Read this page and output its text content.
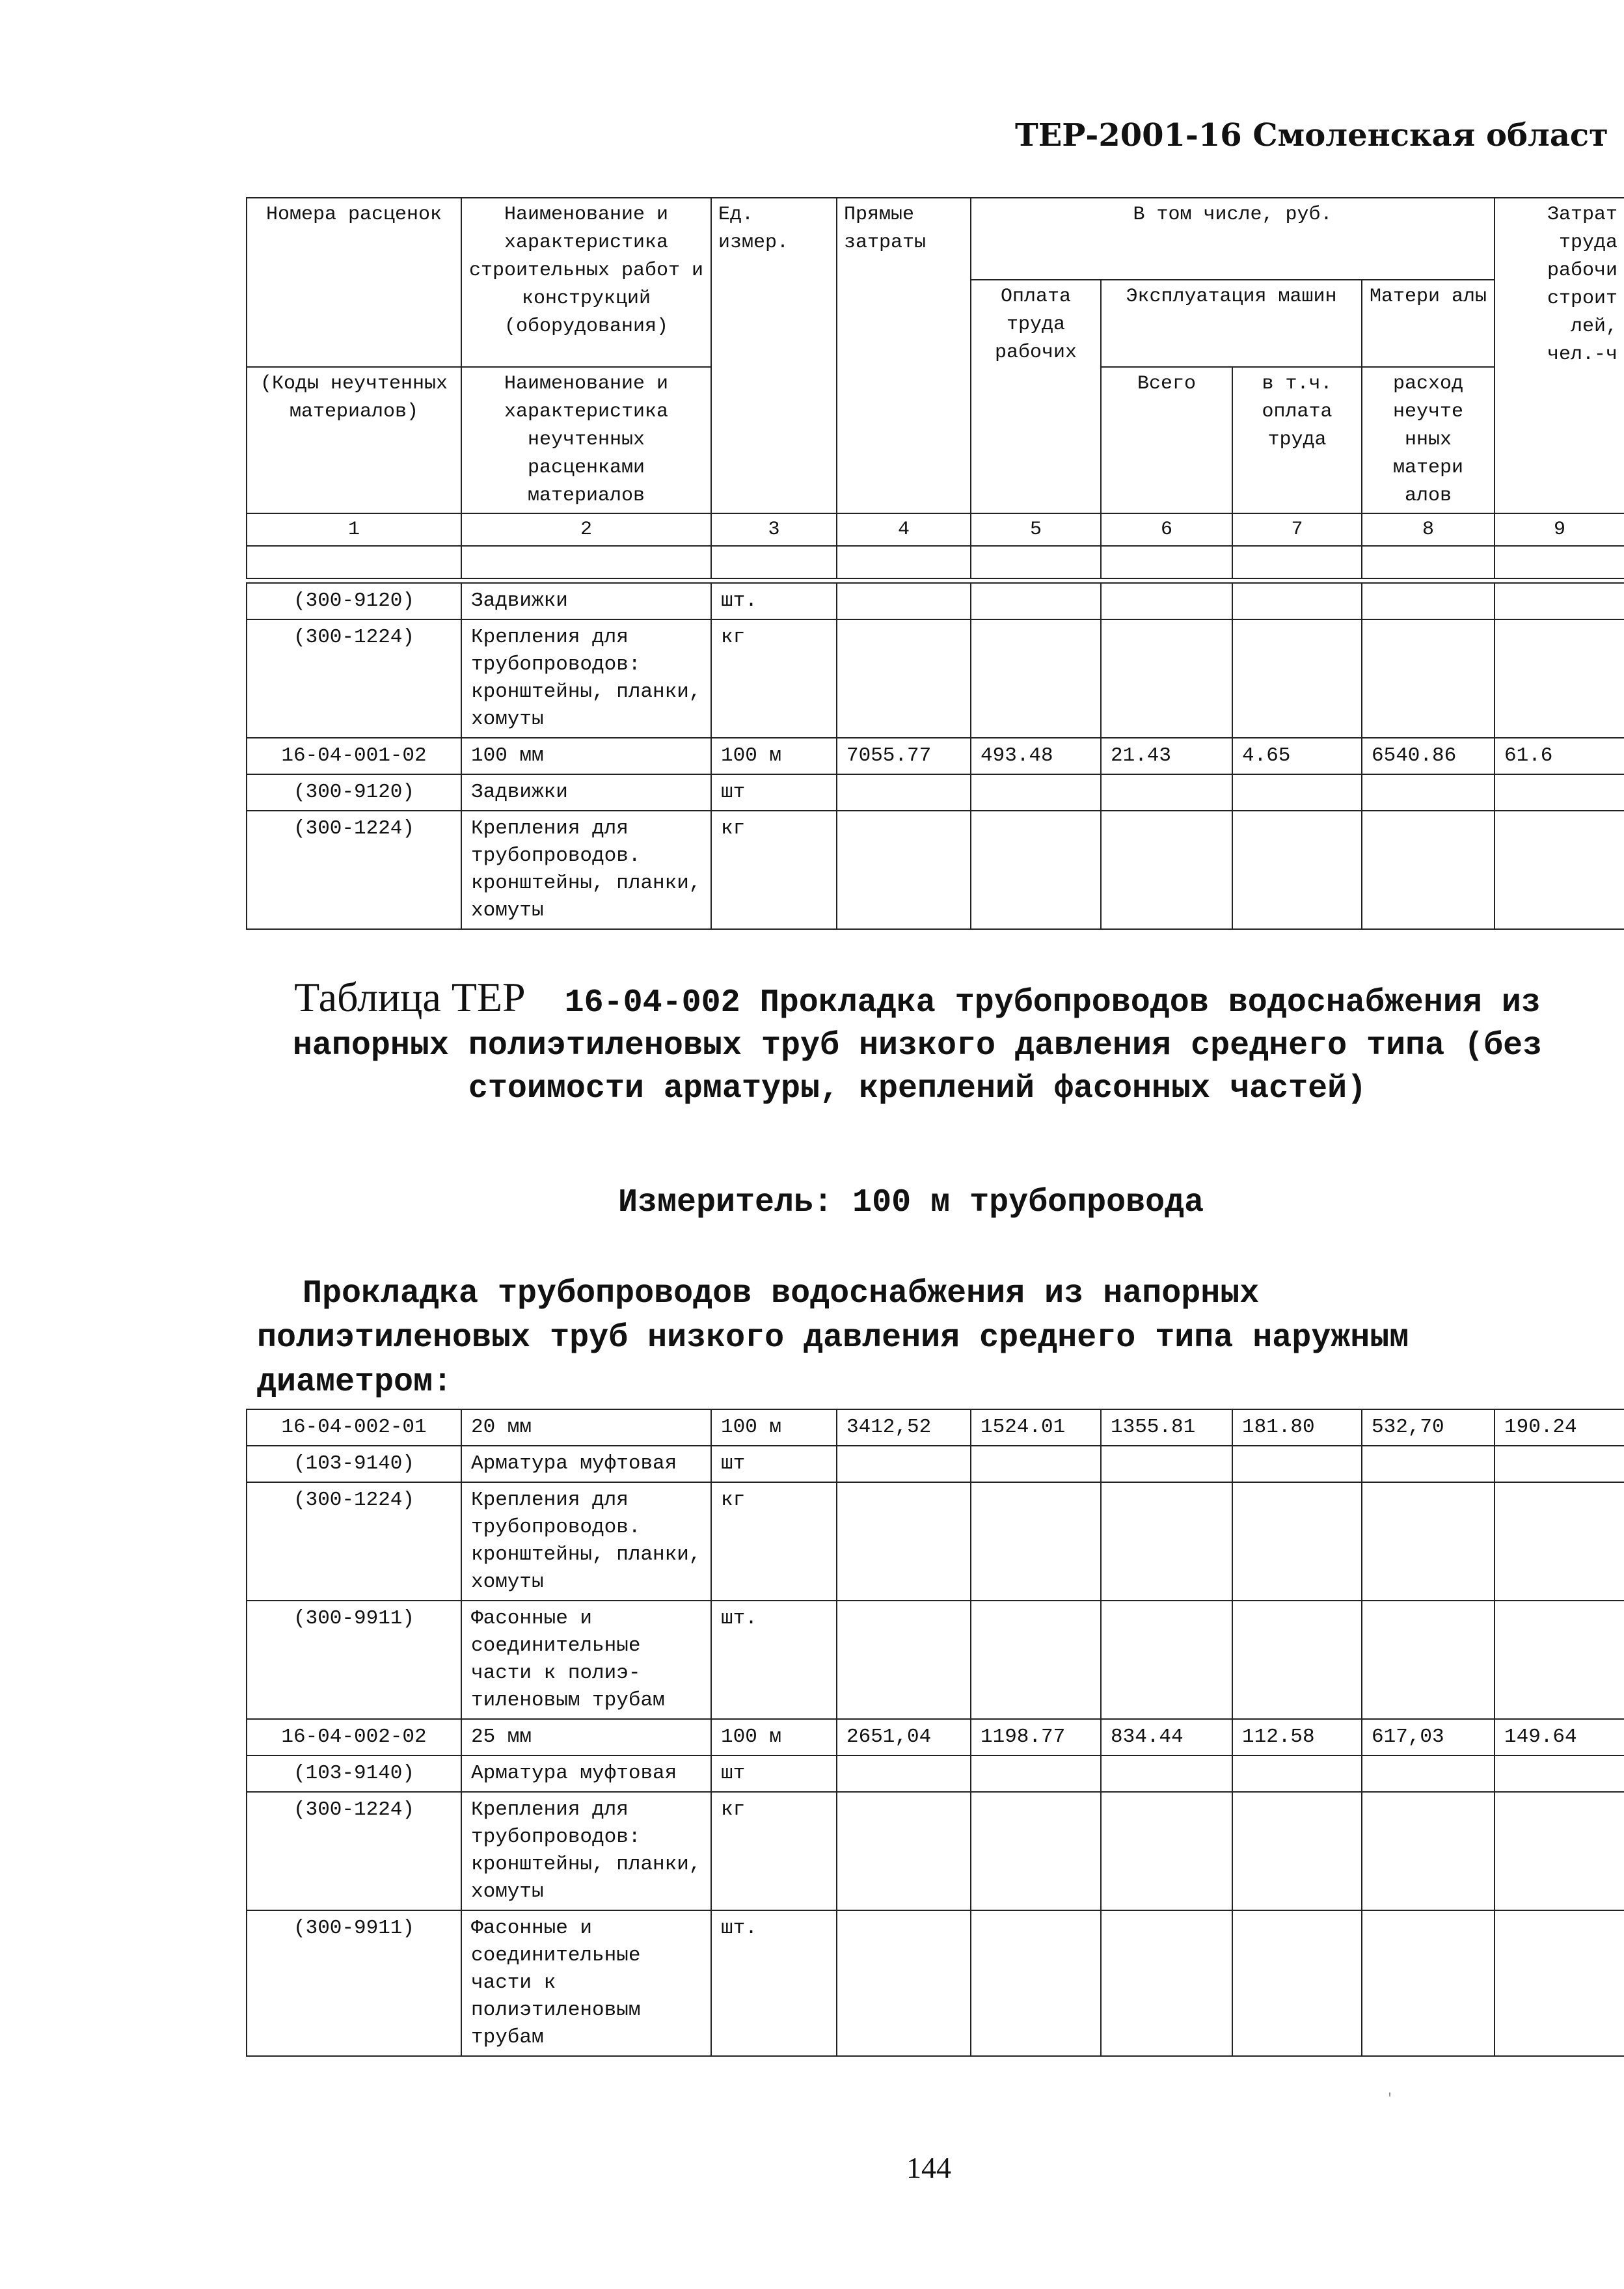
ТЕР-2001-16 Смоленская област
Номера расценок	Наименование и характеристика строительных работ и конструкций (оборудования)	Ед. измер.	Прямые затраты	В том числе, руб.				Затрат труда рабочи строит лей, чел.-ч
				Оплата труда рабочих	Эксплуатация машин		Матери алы	
(Коды неучтенных материалов)	Наименование и характеристика неучтенных расценками материалов				Всего	в т.ч. оплата труда	расход неучте нных матери алов	
1	2	3	4	5	6	7	8	9

(300-9120)	Задвижки	шт.						
(300-1224)	Крепления для трубопроводов: кронштейны, планки, хомуты	кг						
16-04-001-02	100 мм	100 м	7055.77	493.48	21.43	4.65	6540.86	61.6
(300-9120)	Задвижки	шт						
(300-1224)	Крепления для трубопроводов. кронштейны, планки, хомуты	кг						
Таблица ТЕР 16-04-002 Прокладка трубопроводов водоснабжения из напорных полиэтиленовых труб низкого давления среднего типа (без стоимости арматуры, креплений фасонных частей)
Измеритель: 100 м трубопровода
Прокладка трубопроводов водоснабжения из напорных
полиэтиленовых труб низкого давления среднего типа наружным
диаметром:
16-04-002-01	20 мм	100 м	3412,52	1524.01	1355.81	181.80	532,70	190.24
(103-9140)	Арматура муфтовая	шт						
(300-1224)	Крепления для трубопроводов. кронштейны, планки, хомуты	кг						
(300-9911)	Фасонные и соединительные части к полиэ- тиленовым трубам	шт.						
16-04-002-02	25 мм	100 м	2651,04	1198.77	834.44	112.58	617,03	149.64
(103-9140)	Арматура муфтовая	шт						
(300-1224)	Крепления для трубопроводов: кронштейны, планки, хомуты	кг						
(300-9911)	Фасонные и соединительные части к полиэтиленовым трубам	шт.						
'
144
